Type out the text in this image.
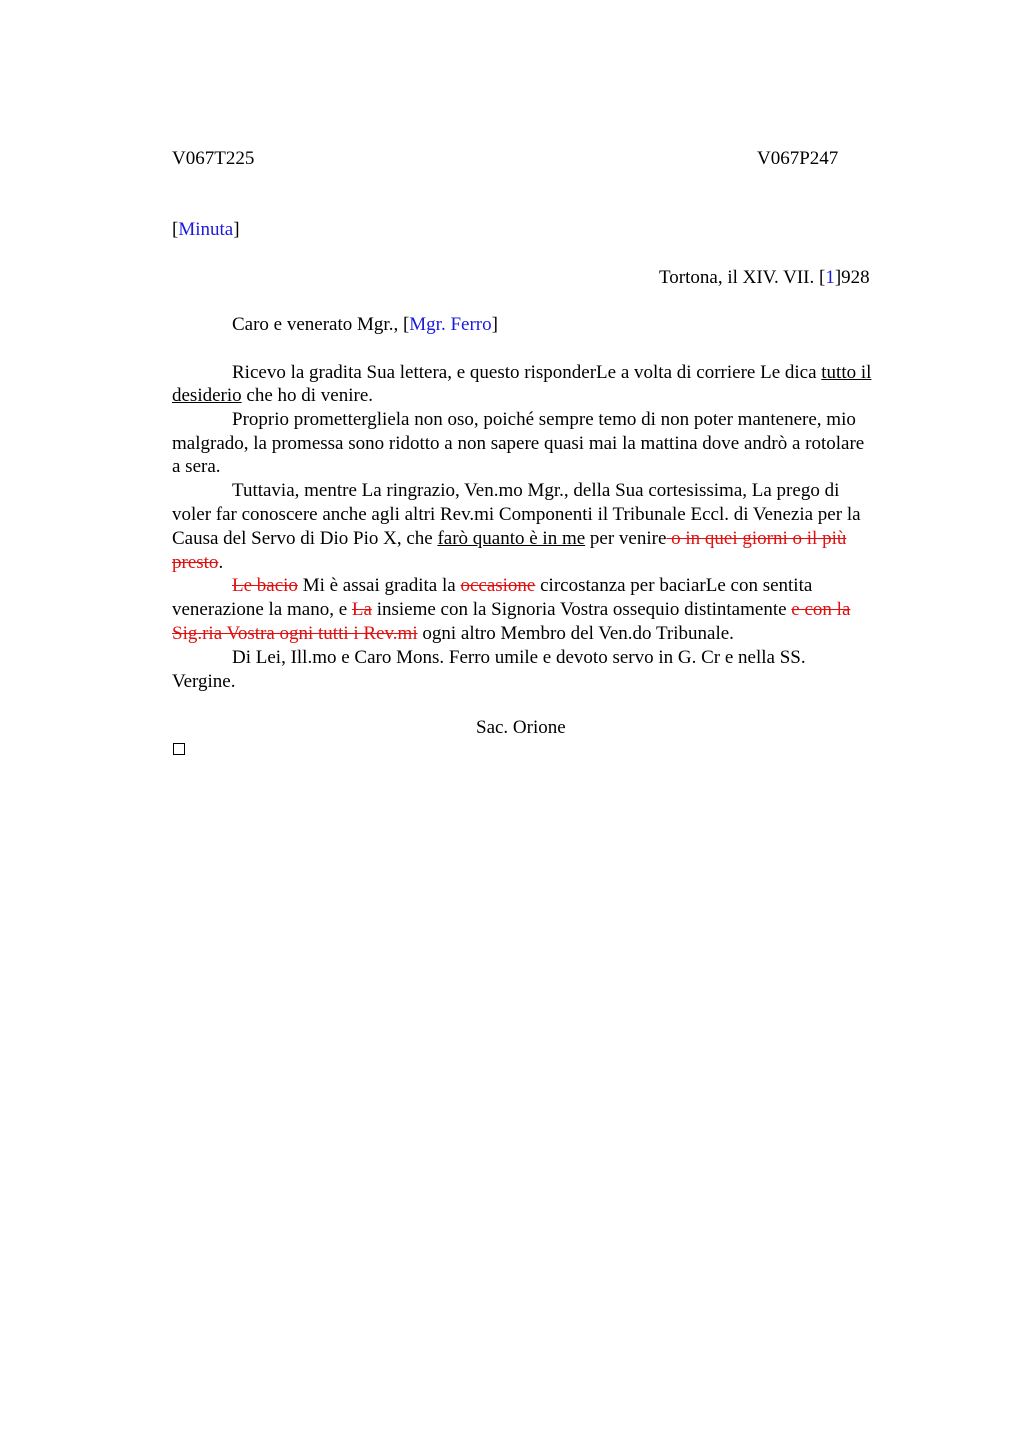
V067T225	V067P247
[Minuta]
Tortona, il XIV. VII. [1]928
Caro e venerato Mgr., [Mgr. Ferro]
Ricevo la gradita Sua lettera, e questo risponderLe a volta di corriere Le dica tutto il
desiderio che ho di venire.
Proprio promettergliela non oso, poiché sempre temo di non poter mantenere, mio
malgrado, la promessa sono ridotto a non sapere quasi mai la mattina dove andrò a rotolare
a sera.
Tuttavia, mentre La ringrazio, Ven.mo Mgr., della Sua cortesissima, La prego di
voler far conoscere anche agli altri Rev.mi Componenti il Tribunale Eccl. di Venezia per la
Causa del Servo di Dio Pio X, che farò quanto è in me per venire o in quei giorni o il più
presto.
Le bacio Mi è assai gradita la occasione circostanza per baciarLe con sentita
venerazione la mano, e La insieme con la Signoria Vostra ossequio distintamente e con la
Sig.ria Vostra ogni tutti i Rev.mi ogni altro Membro del Ven.do Tribunale.
Di Lei, Ill.mo e Caro Mons. Ferro umile e devoto servo in G. Cr e nella SS.
Vergine.
Sac. Orione
